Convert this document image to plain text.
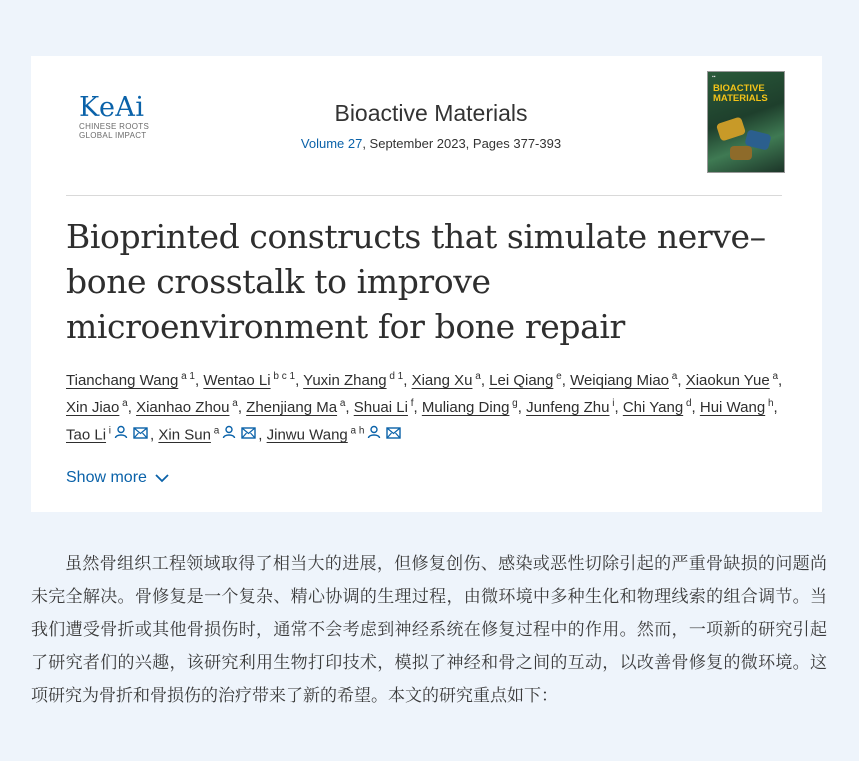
KeAi
CHINESE ROOTS
GLOBAL IMPACT
Bioactive Materials
Volume 27, September 2023, Pages 377-393
▪▪
BIOACTIVE
MATERIALS
Bioprinted constructs that simulate nerve–bone crosstalk to improve microenvironment for bone repair
Tianchang Wang $^{a 1}$, Wentao Li $^{b c 1}$, Yuxin Zhang $^{d 1}$, Xiang Xu $^a$, Lei Qiang $^e$, Weiqiang Miao $^a$, Xiaokun Yue $^a$, Xin Jiao $^a$, Xianhao Zhou $^a$, Zhenjiang Ma $^a$, Shuai Li $^f$, Muliang Ding $^g$, Junfeng Zhu $^i$, Chi Yang $^d$, Hui Wang $^h$, Tao Li $^i$	, Xin Sun $^a$	, Jinwu Wang $^{a h}$
Show more

虽然骨组织工程领域取得了相当大的进展，但修复创伤、感染或恶性切除引起的严重骨缺损的问题尚未完全解决。骨修复是一个复杂、精心协调的生理过程，由微环境中多种生化和物理线索的组合调节。当我们遭受骨折或其他骨损伤时，通常不会考虑到神经系统在修复过程中的作用。然而，一项新的研究引起了研究者们的兴趣，该研究利用生物打印技术，模拟了神经和骨之间的互动，以改善骨修复的微环境。这项研究为骨折和骨损伤的治疗带来了新的希望。本文的研究重点如下：
